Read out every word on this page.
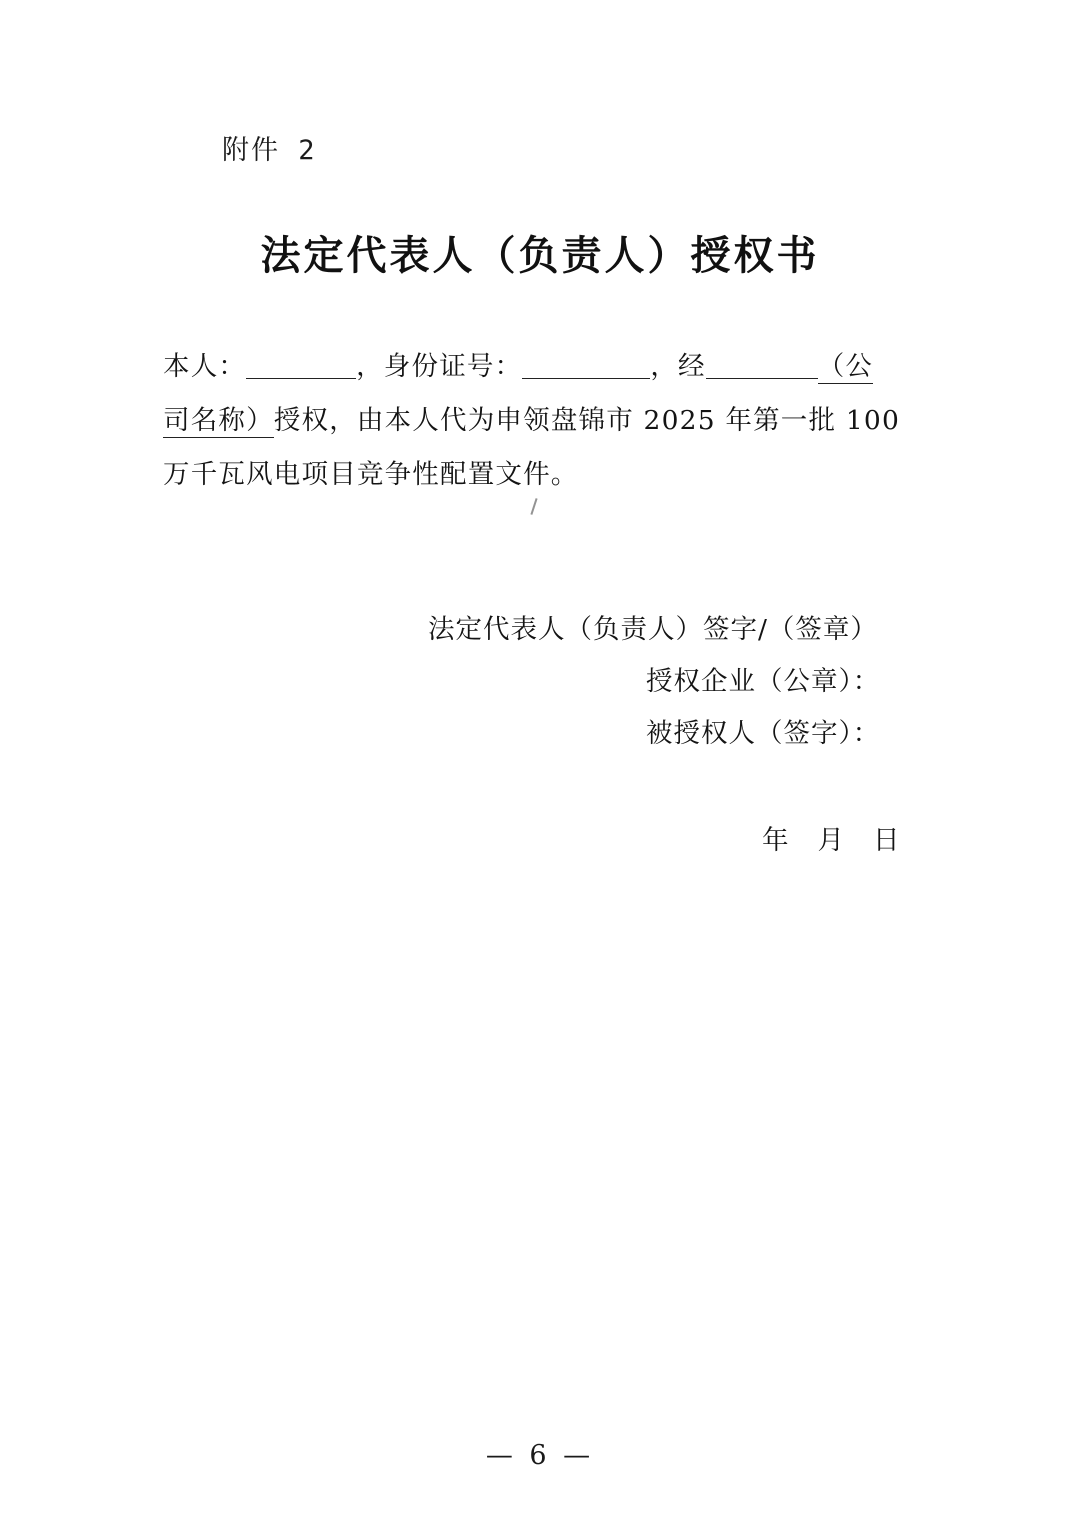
附件 2
法定代表人（负责人）授权书
本人：	，身份证号：	，经	（公
司名称）授权，由本人代为申领盘锦市 2025 年第一批 100
万千瓦风电项目竞争性配置文件。
法定代表人（负责人）签字/（签章）
授权企业（公章）：
被授权人（签字）：
年 月 日
— 6 —
